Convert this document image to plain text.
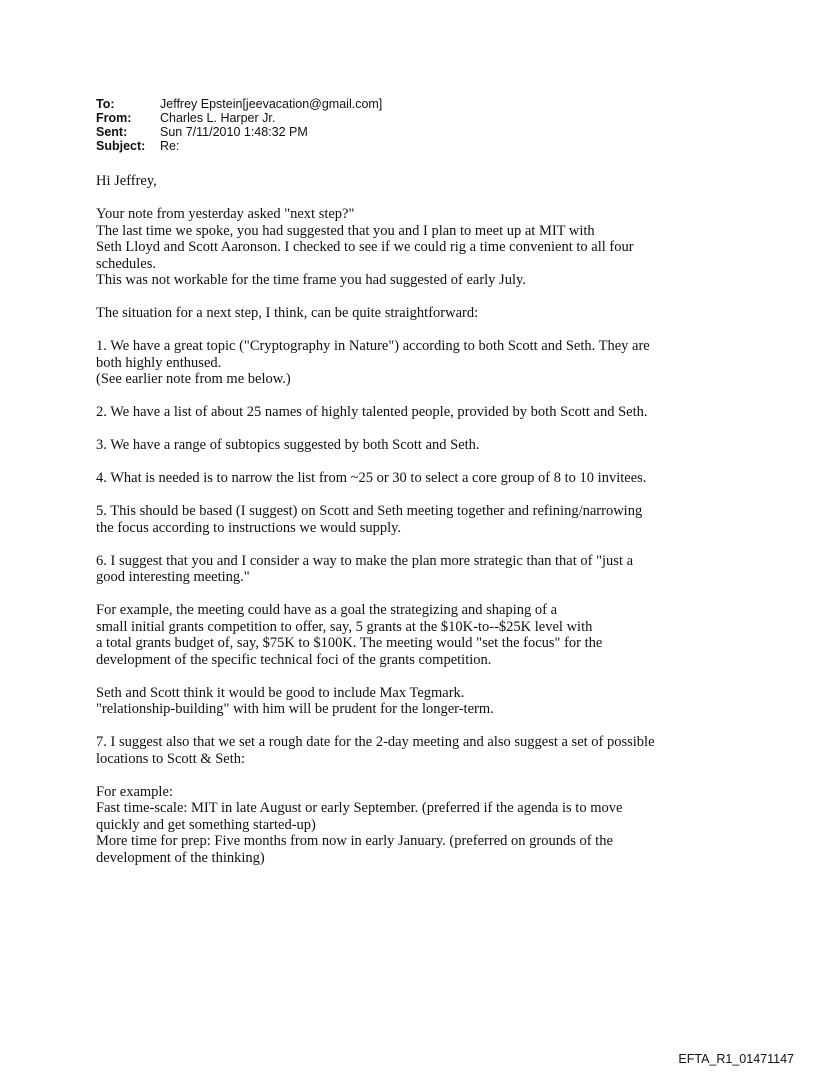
To:	Jeffrey Epstein[jeevacation@gmail.com]
From:	Charles L. Harper Jr.
Sent:	Sun 7/11/2010 1:48:32 PM
Subject:	Re:
Hi Jeffrey,
Your note from yesterday asked "next step?"
The last time we spoke, you had suggested that you and I plan to meet up at MIT with
Seth Lloyd and Scott Aaronson. I checked to see if we could rig a time convenient to all four
schedules.
This was not workable for the time frame you had suggested of early July.
The situation for a next step, I think, can be quite straightforward:
1. We have a great topic ("Cryptography in Nature") according to both Scott and Seth. They are
both highly enthused.
(See earlier note from me below.)
2. We have a list of about 25 names of highly talented people, provided by both Scott and Seth.
3. We have a range of subtopics suggested by both Scott and Seth.
4. What is needed is to narrow the list from ~25 or 30 to select a core group of 8 to 10 invitees.
5. This should be based (I suggest) on Scott and Seth meeting together and refining/narrowing
the focus according to instructions we would supply.
6. I suggest that you and I consider a way to make the plan more strategic than that of "just a
good interesting meeting."
For example, the meeting could have as a goal the strategizing and shaping of a
small initial grants competition to offer, say, 5 grants at the $10K-to--$25K level with
a total grants budget of, say, $75K to $100K. The meeting would "set the focus" for the
development of the specific technical foci of the grants competition.
Seth and Scott think it would be good to include Max Tegmark.
"relationship-building" with him will be prudent for the longer-term.
7. I suggest also that we set a rough date for the 2-day meeting and also suggest a set of possible
locations to Scott & Seth:
For example:
Fast time-scale: MIT in late August or early September. (preferred if the agenda is to move
quickly and get something started-up)
More time for prep: Five months from now in early January. (preferred on grounds of the
development of the thinking)
EFTA_R1_01471147
